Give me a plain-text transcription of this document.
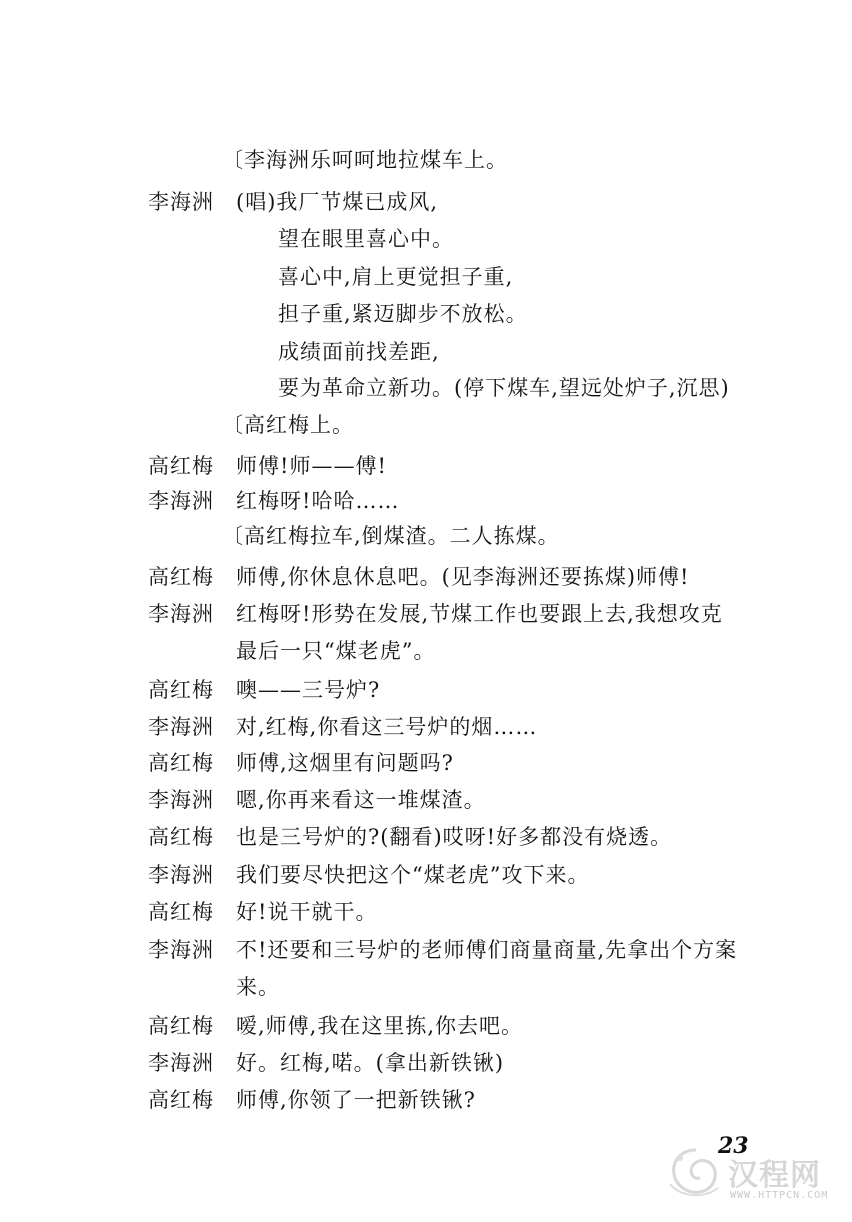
〔李海洲乐呵呵地拉煤车上。
李海洲 (唱)我厂节煤已成风,
望在眼里喜心中。
喜心中,肩上更觉担子重,
担子重,紧迈脚步不放松。
成绩面前找差距,
要为革命立新功。(停下煤车,望远处炉子,沉思)
〔高红梅上。
高红梅 师傅!师——傅!
李海洲 红梅呀!哈哈……
〔高红梅拉车,倒煤渣。二人拣煤。
高红梅 师傅,你休息休息吧。(见李海洲还要拣煤)师傅!
李海洲 红梅呀!形势在发展,节煤工作也要跟上去,我想攻克
最后一只“煤老虎”。
高红梅 噢——三号炉?
李海洲 对,红梅,你看这三号炉的烟……
高红梅 师傅,这烟里有问题吗?
李海洲 嗯,你再来看这一堆煤渣。
高红梅 也是三号炉的?(翻看)哎呀!好多都没有烧透。
李海洲 我们要尽快把这个“煤老虎”攻下来。
高红梅 好!说干就干。
李海洲 不!还要和三号炉的老师傅们商量商量,先拿出个方案
来。
高红梅 嗳,师傅,我在这里拣,你去吧。
李海洲 好。红梅,喏。(拿出新铁锹)
高红梅 师傅,你领了一把新铁锹?
23
汉程网
WWW.HTTPCN.COM
